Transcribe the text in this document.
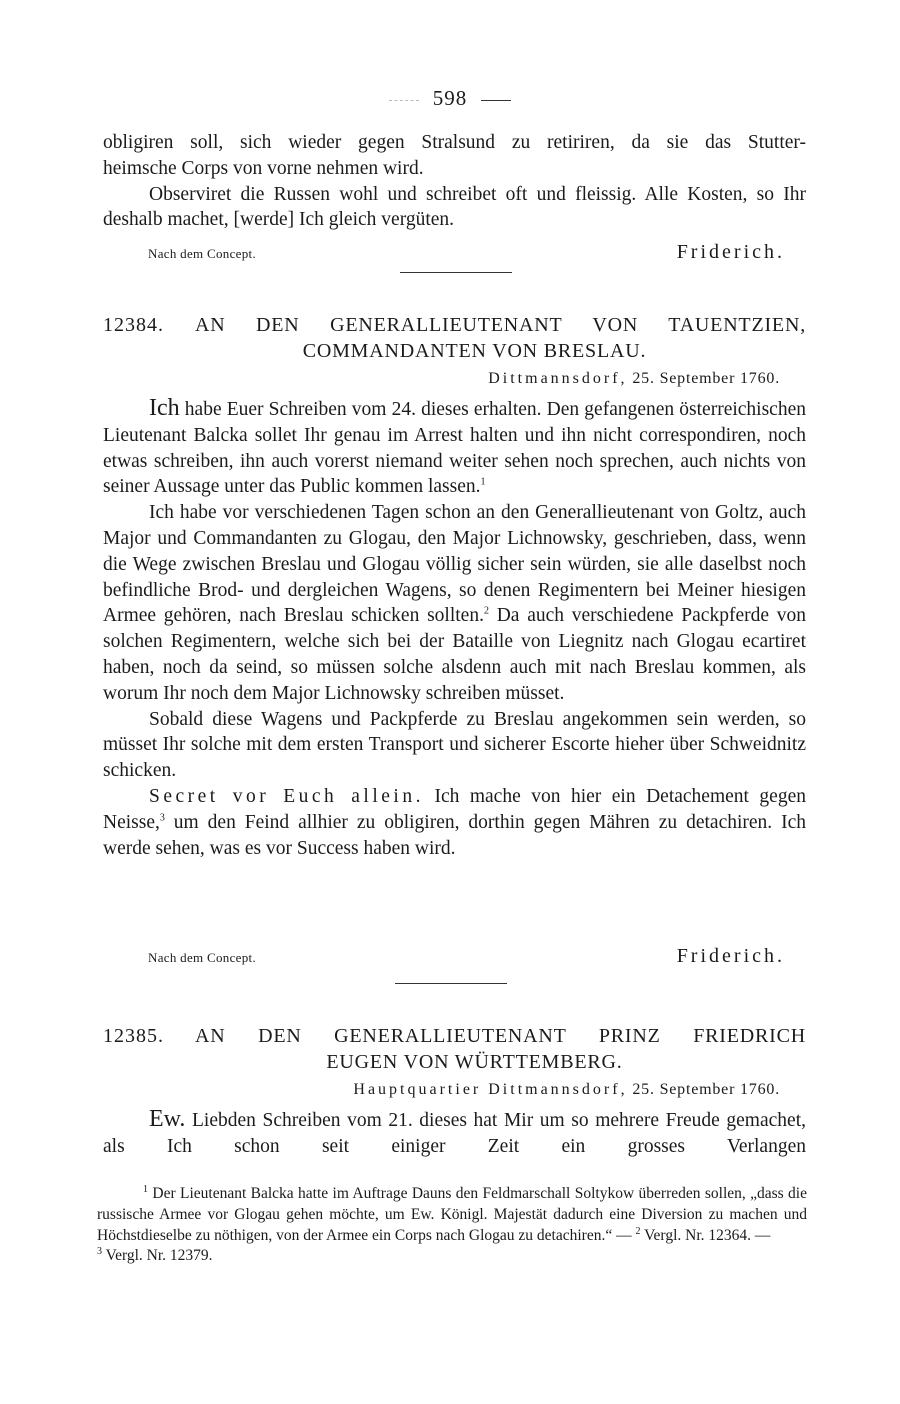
598

obligiren soll, sich wieder gegen Stralsund zu retiriren, da sie das Stutter-

heimsche Corps von vorne nehmen wird.

Observiret die Russen wohl und schreibet oft und fleissig. Alle Kosten, so Ihr deshalb machet, [werde] Ich gleich vergüten.

Nach dem Concept.	Friderich.
12384.	AN DEN GENERALLIEUTENANT VON TAUENTZIEN,
COMMANDANTEN VON BRESLAU.
Dittmannsdorf, 25. September 1760.

Ich habe Euer Schreiben vom 24. dieses erhalten. Den gefangenen österreichischen Lieutenant Balcka sollet Ihr genau im Arrest halten und ihn nicht correspondiren, noch etwas schreiben, ihn auch vorerst niemand weiter sehen noch sprechen, auch nichts von seiner Aussage unter das Public kommen lassen.$^1$

Ich habe vor verschiedenen Tagen schon an den Generallieutenant von Goltz, auch Major und Commandanten zu Glogau, den Major Lichnowsky, geschrieben, dass, wenn die Wege zwischen Breslau und Glogau völlig sicher sein würden, sie alle daselbst noch befindliche Brod- und dergleichen Wagens, so denen Regimentern bei Meiner hiesigen Armee gehören, nach Breslau schicken sollten.$^2$ Da auch verschiedene Packpferde von solchen Regimentern, welche sich bei der Bataille von Liegnitz nach Glogau ecartiret haben, noch da seind, so müssen solche alsdenn auch mit nach Breslau kommen, als worum Ihr noch dem Major Lichnowsky schreiben müsset.

Sobald diese Wagens und Packpferde zu Breslau angekommen sein werden, so müsset Ihr solche mit dem ersten Transport und sicherer Escorte hieher über Schweidnitz schicken.

Secret vor Euch allein. Ich mache von hier ein Detachement gegen Neisse,$^3$ um den Feind allhier zu obligiren, dorthin gegen Mähren zu detachiren. Ich werde sehen, was es vor Success haben wird.

Nach dem Concept.	Friderich.
12385.	AN DEN GENERALLIEUTENANT PRINZ FRIEDRICH
EUGEN VON WÜRTTEMBERG.
Hauptquartier Dittmannsdorf, 25. September 1760.

Ew. Liebden Schreiben vom 21. dieses hat Mir um so mehrere Freude gemachet, als Ich schon seit einiger Zeit ein grosses Verlangen

$^1$ Der Lieutenant Balcka hatte im Auftrage Dauns den Feldmarschall Soltykow überreden sollen, „dass die russische Armee vor Glogau gehen möchte, um Ew. Königl. Majestät dadurch eine Diversion zu machen und Höchstdieselbe zu nöthigen, von der Armee ein Corps nach Glogau zu detachiren.“ — $^2$ Vergl. Nr. 12364. —

$^3$ Vergl. Nr. 12379.
